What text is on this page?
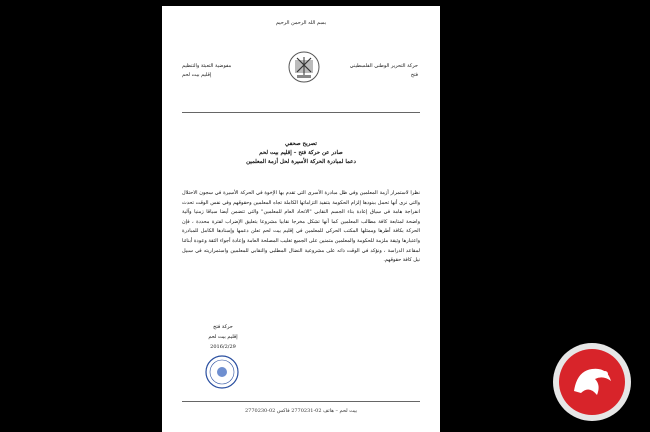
بسم الله الرحمن الرحيم
حركة التحرير الوطني الفلسطيني
فتح
مفوضية التعبئة والتنظيم
إقليم بيت لحم
تصريح صحفي
صادر عن حركة فتح – إقليم بيت لحم
دعما لمبادرة الحركة الأسيرة لحل أزمة المعلمين
نظرا لاستمرار أزمة المعلمين وفي ظل مبادرة الأسرى التي تقدم بها الإخوة في الحركة الأسيرة في سجون الاحتلال والتي نرى أنها تحمل ببنودها إلزام الحكومة بتنفيذ التزاماتها الكاملة تجاه المعلمين وحقوقهم وفي نفس الوقت تحدث انفراجة هامة في سياق إعادة بناء الجسم النقابي "الاتحاد العام للمعلمين" والتي تتضمن أيضا سياقا زمنيا وآلية واضحة لمتابعة كافة مطالب المعلمين كما أنها تشكل مخرجا نقابيا مشروعا بتعليق الإضراب لفترة محددة ، فإن الحركة بكافة أطرها وممثلها المكتب الحركي للمعلمين في إقليم بيت لحم تعلن دعمها وإسنادها الكامل للمبادرة واعتبارها وثيقة ملزمة للحكومة والمعلمين متمنين على الجميع تغليب المصلحة العامة وإعادة أجواء الثقة وعودة أبنائنا لمقاعد الدراسة ، ونؤكد في الوقت ذاته على مشروعية النضال المطلبي والنقابي للمعلمين واستمراريته في سبيل نيل كافة حقوقهم.
حركة فتح
إقليم بيت لحم
2016/2/29
بيت لحم – هاتف 02-2770231 فاكس 02-2770230
